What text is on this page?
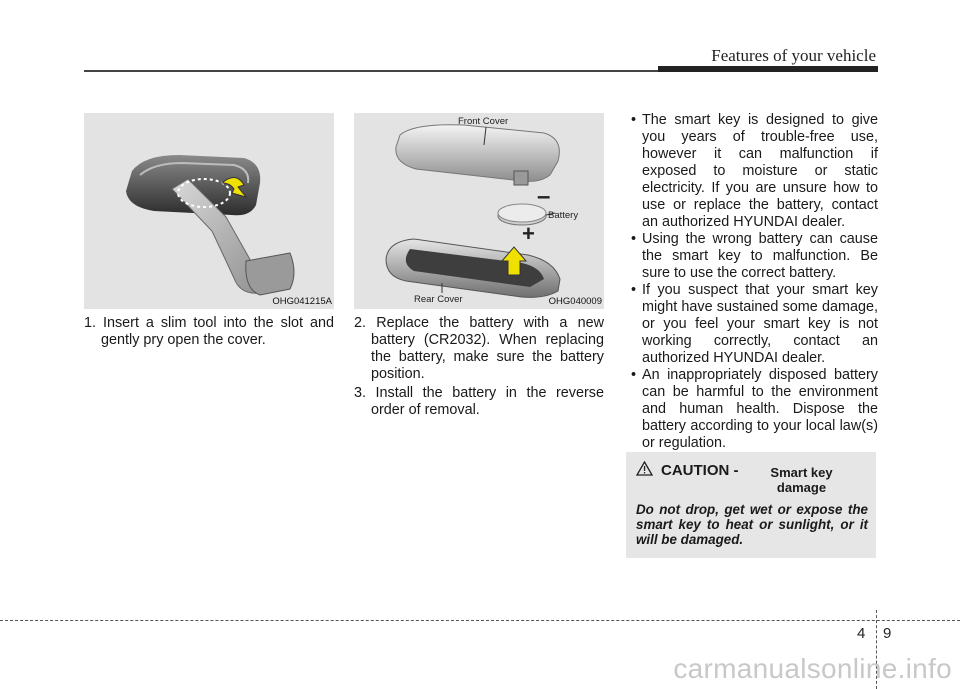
Features of your vehicle
OHG041215A
Front Cover
Battery
Rear Cover
–
+
OHG040009

1. Insert a slim tool into the slot and gently pry open the cover.

2. Replace the battery with a new battery (CR2032). When replacing the battery, make sure the battery position.

3. Install the battery in the reverse order of removal.

• The smart key is designed to give you years of trouble-free use, however it can malfunction if exposed to moisture or static electricity. If you are unsure how to use or replace the battery, contact an authorized HYUNDAI dealer.

• Using the wrong battery can cause the smart key to malfunction. Be sure to use the correct battery.

• If you suspect that your smart key might have sustained some damage, or you feel your smart key is not working correctly, contact an authorized HYUNDAI dealer.

• An inappropriately disposed battery can be harmful to the environment and human health. Dispose the battery according to your local law(s) or regulation.

CAUTION -	Smart key damage
Do not drop, get wet or expose the smart key to heat or sunlight, or it will be damaged.
4 9
carmanualsonline.info
